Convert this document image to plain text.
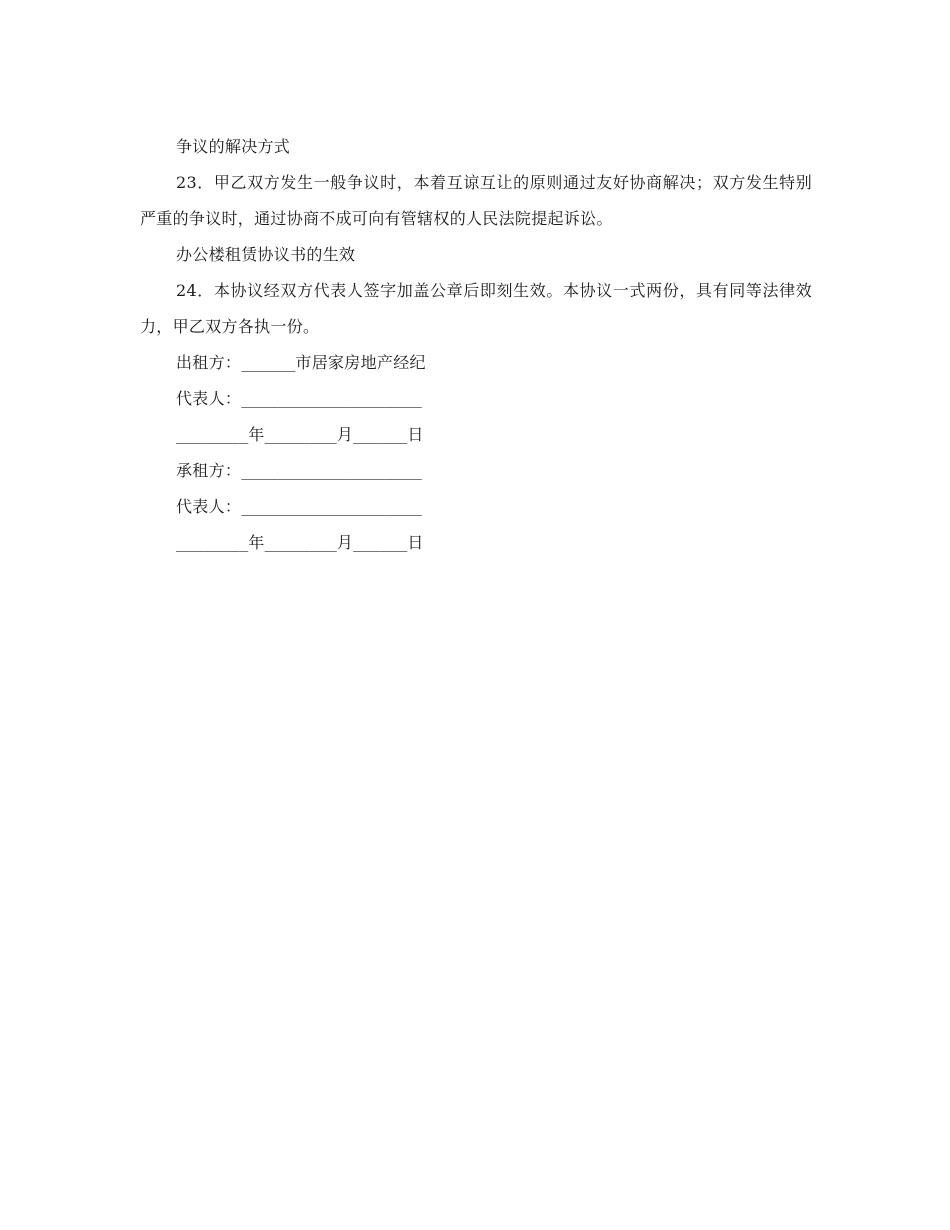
争议的解决方式

23．甲乙双方发生一般争议时，本着互谅互让的原则通过友好协商解决；双方发生特别严重的争议时，通过协商不成可向有管辖权的人民法院提起诉讼。

办公楼租赁协议书的生效

24．本协议经双方代表人签字加盖公章后即刻生效。本协议一式两份，具有同等法律效力，甲乙双方各执一份。

出租方：______市居家房地产经纪

代表人：____________________

________年________月______日

承租方：____________________

代表人：____________________

________年________月______日
